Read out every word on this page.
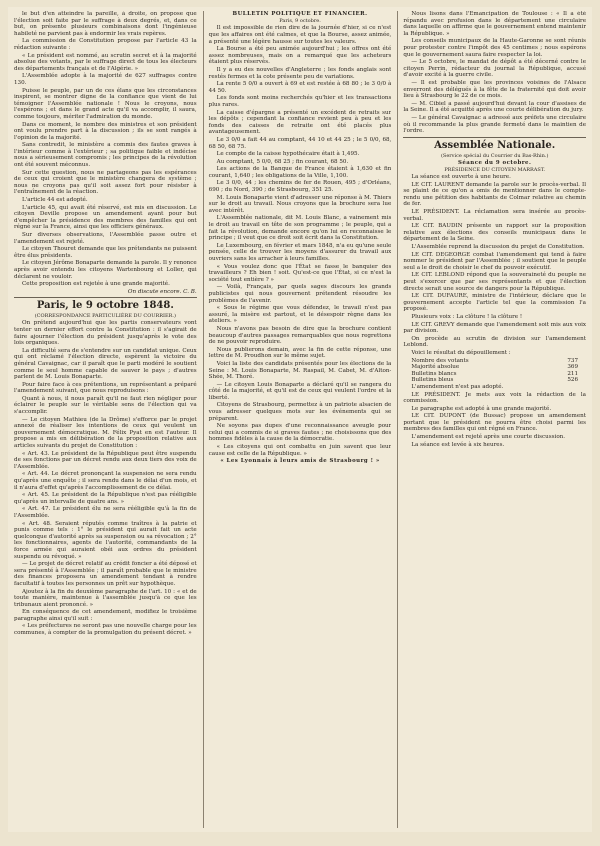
le but d'en atteindre la pareille, à droite, on propose que l'élection soit faite par le suffrage à deux degrés, et, dans ce but, on présente plusieurs combinaisons dont l'ingénieuse habileté ne parvient pas à endormir les vrais repères.

La commission de Constitution propose par l'article 43 la rédaction suivante :

« Le président est nommé, au scrutin secret et à la majorité absolue des votants, par le suffrage direct de tous les électeurs des départements français et de l'Algérie. »

L'Assemblée adopte à la majorité de 627 suffrages contre 130.

Puisse le peuple, par un de ces élans que les circonstances inspirent, se montrer digne de la confiance que vient de lui témoigner l'Assemblée nationale ! Nous le croyons, nous l'espérons ; et dans le grand acte qu'il va accomplir, il saura, comme toujours, mériter l'admiration du monde.

Dans ce moment, le nombre des ministres et son président ont voulu prendre part à la discussion ; ils se sont rangés à l'opinion de la majorité.

Sans contredit, le ministère a commis des fautes graves à l'intérieur comme à l'extérieur ; sa politique faible et indécise nous a sérieusement compromis ; les principes de la révolution ont été souvent méconnus.

Sur cette question, nous ne partageons pas les espérances de ceux qui croient que le ministère changera de système ; nous ne croyons pas qu'il soit assez fort pour résister à l'entraînement de la réaction.

L'article 44 est adopté.

L'article 45, qui avait été réservé, est mis en discussion. Le citoyen Deville propose un amendement ayant pour but d'empêcher la présidence des membres des familles qui ont régné sur la France, ainsi que les officiers généraux.

Sur diverses observations, l'Assemblée passe outre et l'amendement est rejeté.

Le citoyen Thouret demande que les prétendants ne puissent être élus présidents.

Le citoyen Jérôme Bonaparte demande la parole. Il y renonce après avoir entendu les citoyens Wartenbourg et Loller, qui déclarent ne vouloir.

Cette proposition est rejetée à une grande majorité.

On discute encore. C. B.

Paris, le 9 octobre 1848.

(CORRESPONDANCE PARTICULIÈRE DU COURRIER.)

On prétend aujourd'hui que les partis conservateurs vont tenter un dernier effort contre la Constitution : il s'agirait de faire ajourner l'élection du président jusqu'après le vote des lois organiques.

La difficulté sera de s'entendre sur un candidat unique. Ceux qui ont réclamé l'élection directe, espèrent la victoire du général Cavaignac, car il paraît que le parti modéré le soutient comme le seul homme capable de sauver le pays ; d'autres parlent de M. Louis Bonaparte.

Pour faire face à ces prétentions, un représentant a préparé l'amendement suivant, que nous reproduisons :

Quant à nous, il nous paraît qu'il ne faut rien négliger pour éclairer le peuple sur le véritable sens de l'élection qui va s'accomplir.

— Le citoyen Mathieu (de la Drôme) s'efforce par le projet annexé de réaliser les intentions de ceux qui veulent un gouvernement démocratique. M. Félix Pyat en est l'auteur. Il propose a mis en délibération de la proposition relative aux articles suivants du projet de Constitution :

« Art. 43. Le président de la République peut être suspendu de ses fonctions par un décret rendu aux deux tiers des voix de l'Assemblée.

« Art. 44. Le décret prononçant la suspension ne sera rendu qu'après une enquête ; il sera rendu dans le délai d'un mois, et il n'aura d'effet qu'après l'accomplissement de ce délai.

« Art. 45. Le président de la République n'est pas rééligible qu'après un intervalle de quatre ans. »

« Art. 47. Le président élu ne sera rééligible qu'à la fin de l'Assemblée.

« Art. 48. Seraient réputés comme traîtres à la patrie et punis comme tels : 1° le président qui aurait fait un acte quelconque d'autorité après sa suspension ou sa révocation ; 2° les fonctionnaires, agents de l'autorité, commandants de la force armée qui auraient obéi aux ordres du président suspendu ou révoqué. »

— Le projet de décret relatif au crédit foncier a été déposé et sera présenté à l'Assemblée ; il paraît probable que le ministre des finances proposera un amendement tendant à rendre facultatif à toutes les personnes un prêt sur hypothèque.

Ajoutez à la fin du deuxième paragraphe de l'art. 10 : « et de toute manière, maintenue à l'assemblée jusqu'à ce que les tribunaux aient prononcé. »

En conséquence de cet amendement, modifiez le troisième paragraphe ainsi qu'il suit :

« Les préfectures ne seront pas une nouvelle charge pour les communes, à compter de la promulgation du présent décret. »

BULLETIN POLITIQUE ET FINANCIER.

Paris, 9 octobre.

Il est impossible de rien dire de la journée d'hier, si ce n'est que les affaires ont été calmes, et que la Bourse, assez animée, a présenté une légère hausse sur toutes les valeurs.

La Bourse a été peu animée aujourd'hui ; les offres ont été assez nombreuses, mais on a remarqué que les acheteurs étaient plus réservés.

Il y a eu des nouvelles d'Angleterre ; les fonds anglais sont restés fermes et la cote présente peu de variations.

La rente 5 0/0 a ouvert à 69 et est restée à 68 80 ; le 3 0/0 à 44 50.

Les fonds sont moins recherchés qu'hier et les transactions plus rares.

La caisse d'épargne a présenté un excédent de retraits sur les dépôts ; cependant la confiance revient peu à peu et les fonds des caisses de retraite ont été placés plus avantageusement.

Le 3 0/0 a fait 44 au comptant, 44 10 et 44 25 ; le 5 0/0, 68, 68 50, 68 75.

Le compte de la caisse hypothécaire était à 1,495.

Au comptant, 5 0/0, 68 25 ; fin courant, 68 50.

Les actions de la Banque de France étaient à 1,630 et fin courant, 1,640 ; les obligations de la Ville, 1,100.

Le 3 0/0, 44 ; les chemins de fer de Rouen, 495 ; d'Orléans, 690 ; du Nord, 390 ; de Strasbourg, 351 25.

M. Louis Bonaparte vient d'adresser une réponse à M. Thiers sur le droit au travail. Nous croyons que la brochure sera lue avec intérêt.

L'Assemblée nationale, dit M. Louis Blanc, a vainement mis le droit au travail en tête de son programme ; le peuple, qui a fait la révolution, demande encore qu'on lui en reconnaisse le principe ; il veut que ce droit soit écrit dans la Constitution.

Le Luxembourg, en février et mars 1848, n'a eu qu'une seule pensée, celle de trouver les moyens d'assurer du travail aux ouvriers sans les arracher à leurs familles.

« Vous voulez donc que l'État se fasse le banquier des travailleurs ? Eh bien ! soit. Qu'est-ce que l'État, si ce n'est la société tout entière ? »

— Voilà, Français, par quels sages discours les grands publicistes qui nous gouvernent prétendent résoudre les problèmes de l'avenir.

« Sous le régime que vous défendez, le travail n'est pas assuré, la misère est partout, et le désespoir règne dans les ateliers. »

Nous n'avons pas besoin de dire que la brochure contient beaucoup d'autres passages remarquables que nous regrettons de ne pouvoir reproduire.

Nous publierons demain, avec la fin de cette réponse, une lettre de M. Proudhon sur le même sujet.

Voici la liste des candidats présentés pour les élections de la Seine : M. Louis Bonaparte, M. Raspail, M. Cabet, M. d'Alton-Shée, M. Thoré.

— Le citoyen Louis Bonaparte a déclaré qu'il se rangera du côté de la majorité, et qu'il est de ceux qui veulent l'ordre et la liberté.

Citoyens de Strasbourg, permettez à un patriote alsacien de vous adresser quelques mots sur les événements qui se préparent.

Ne soyons pas dupes d'une reconnaissance aveugle pour celui qui a commis de si graves fautes ; ne choisissons que des hommes fidèles à la cause de la démocratie.

« Les citoyens qui ont combattu en juin savent que leur cause est celle de la République. »

« Les Lyonnais à leurs amis de Strasbourg ! »

Nous lisons dans l'Émancipation de Toulouse : « Il a été répandu avec profusion dans le département une circulaire dans laquelle on affirme que le gouvernement entend maintenir la République. »

Les conseils municipaux de la Haute-Garonne se sont réunis pour protester contre l'impôt des 45 centimes ; nous espérons que le gouvernement saura faire respecter la loi.

— Le 5 octobre, le mandat de dépôt a été décerné contre le citoyen Perrin, rédacteur du journal la République, accusé d'avoir excité à la guerre civile.

— Il est probable que les provinces voisines de l'Alsace enverront des délégués à la fête de la fraternité qui doit avoir lieu à Strasbourg le 22 de ce mois.

— M. Cibiel a passé aujourd'hui devant la cour d'assises de la Seine. Il a été acquitté après une courte délibération du jury.

— Le général Cavaignac a adressé aux préfets une circulaire où il recommande la plus grande fermeté dans le maintien de l'ordre.

Assemblée Nationale.

(Service spécial du Courrier du Bas-Rhin.)

Séance du 9 octobre.

PRÉSIDENCE DU CITOYEN MARRAST.

La séance est ouverte à une heure.

LE CIT. LAURENT demande la parole sur le procès-verbal. Il se plaint de ce qu'on a omis de mentionner dans le compte-rendu une pétition des habitants de Colmar relative au chemin de fer.

LE PRÉSIDENT. La réclamation sera insérée au procès-verbal.

LE CIT. BAUDIN présente un rapport sur la proposition relative aux élections des conseils municipaux dans le département de la Seine.

L'Assemblée reprend la discussion du projet de Constitution.

LE CIT. DEGEORGE combat l'amendement qui tend à faire nommer le président par l'Assemblée ; il soutient que le peuple seul a le droit de choisir le chef du pouvoir exécutif.

LE CIT. LEBLOND répond que la souveraineté du peuple ne peut s'exercer que par ses représentants et que l'élection directe serait une source de dangers pour la République.

LE CIT. DUFAURE, ministre de l'intérieur, déclare que le gouvernement accepte l'article tel que la commission l'a proposé.

Plusieurs voix : La clôture ! la clôture !

LE CIT. GREVY demande que l'amendement soit mis aux voix par division.

On procède au scrutin de division sur l'amendement Leblond.

Voici le résultat du dépouillement :

Nombre des votants	737
Majorité absolue	369
Bulletins blancs	211
Bulletins bleus	526

L'amendement n'est pas adopté.

LE PRÉSIDENT. Je mets aux voix la rédaction de la commission.

Le paragraphe est adopté à une grande majorité.

LE CIT. DUPONT (de Bussac) propose un amendement portant que le président ne pourra être choisi parmi les membres des familles qui ont régné en France.

L'amendement est rejeté après une courte discussion.

La séance est levée à six heures.
